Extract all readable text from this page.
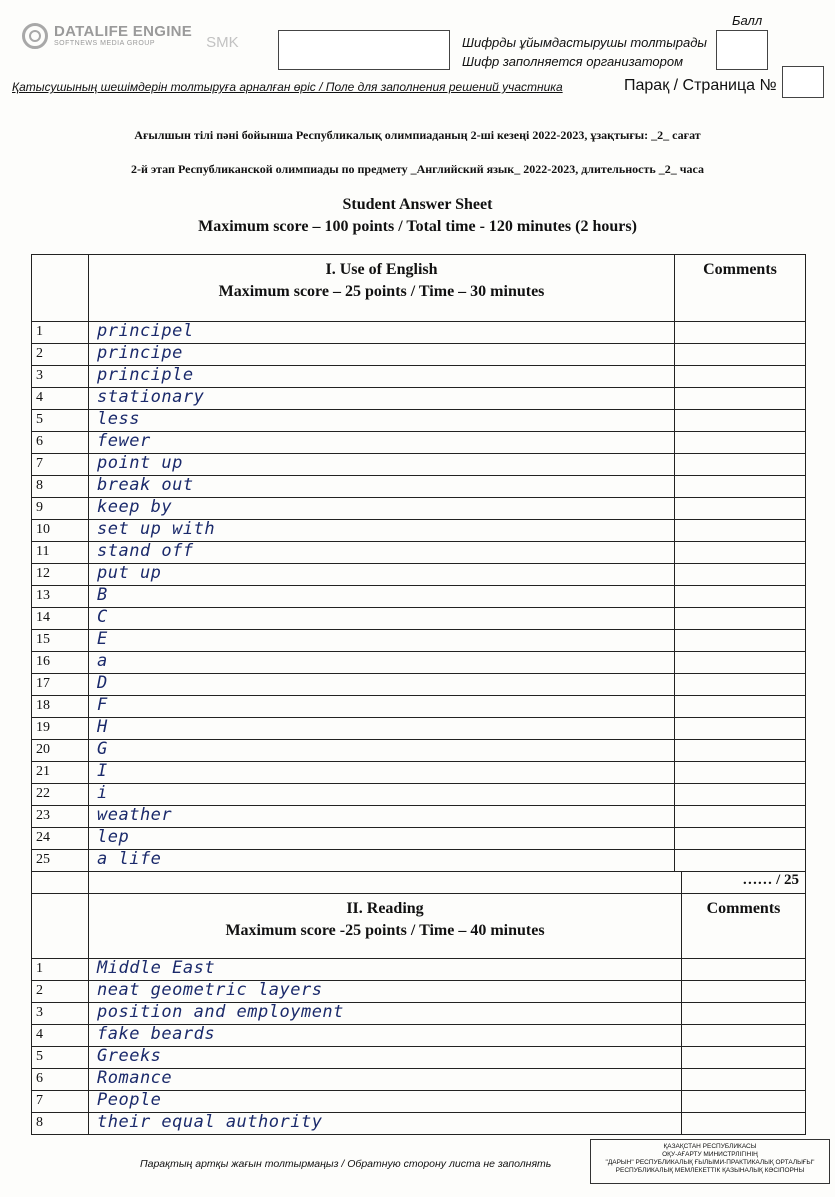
DATALIFE ENGINE
SOFTNEWS MEDIA GROUP	SMK	Шифрды ұйымдастырушы толтырады
Шифр заполняется организатором
Балл
Қатысушының шешімдерін толтыруға арналған өріс / Поле для заполнения решений участника	Парақ / Страница №
Ағылшын тілі пәні бойынша Республикалық олимпиаданың 2-ші кезеңі 2022-2023, ұзақтығы: _2_ сағат
2-й этап Республиканской олимпиады по предмету _Английский язык_ 2022-2023, длительность _2_ часа
Student Answer Sheet
Maximum score – 100 points / Total time - 120 minutes (2 hours)

	I. Use of English
Maximum score – 25 points / Time – 30 minutes	Comments
1	principel	
2	principe	
3	principle	
4	stationary	
5	less	
6	fewer	
7	point up	
8	break out	
9	keep by	
10	set up with	
11	stand off	
12	put up	
13	B	
14	C	
15	E	
16	a	
17	D	
18	F	
19	H	
20	G	
21	I	
22	i	
23	weather	
24	lep	
25	a life	
		…… / 25

	II. Reading
Maximum score -25 points / Time – 40 minutes	Comments
1	Middle East	
2	neat geometric layers	
3	position and employment	
4	fake beards	
5	Greeks	
6	Romance	
7	People	
8	their equal authority	
Парақтың артқы жағын толтырмаңыз / Обратную сторону листа не заполнять
ҚАЗАҚСТАН РЕСПУБЛИКАСЫ
ОҚУ-АҒАРТУ МИНИСТРЛІГІНІҢ
"ДАРЫН" РЕСПУБЛИКАЛЫҚ ҒЫЛЫМИ-ПРАКТИКАЛЫҚ ОРТАЛЫҒЫ"
РЕСПУБЛИКАЛЫҚ МЕМЛЕКЕТТІК ҚАЗЫНАЛЫҚ КӘСІПОРНЫ
